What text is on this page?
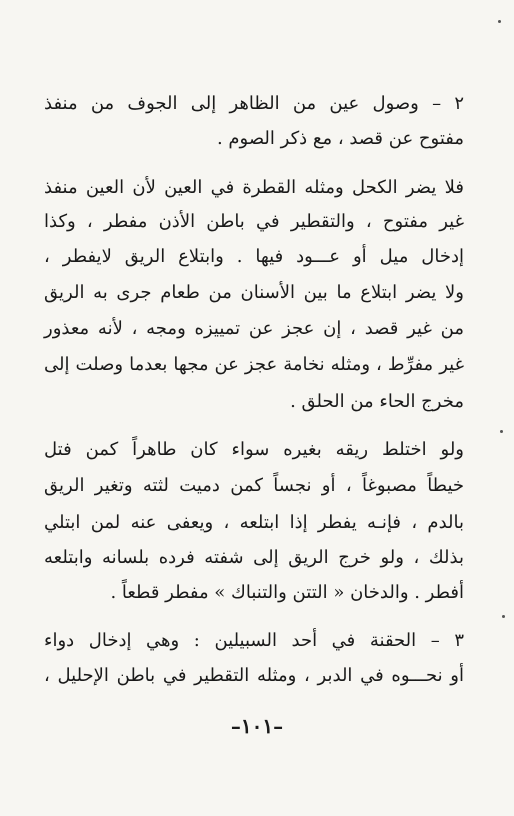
٢ – وصول عين من الظاهر إلى الجوف من منفذ
مفتوح عن قصد ، مع ذكر الصوم .
فلا يضر الكحل ومثله القطرة في العين لأن العين منفذ
غير مفتوح ، والتقطير في باطن الأذن مفطر ، وكذا
إدخال ميل أو عـــود فيها . وابتلاع الريق لايفطر ،
ولا يضر ابتلاع ما بين الأسنان من طعام جرى به الريق
من غير قصد ، إن عجز عن تمييزه ومجه ، لأنه معذور
غير مفرِّط ، ومثله نخامة عجز عن مجها بعدما وصلت إلى
مخرج الحاء من الحلق .
ولو اختلط ريقه بغيره سواء كان طاهراً كمن فتل
خيطاً مصبوغاً ، أو نجساً كمن دميت لثته وتغير الريق
بالدم ، فإنـه يفطر إذا ابتلعه ، ويعفى عنه لمن ابتلي
بذلك ، ولو خرج الريق إلى شفته فرده بلسانه وابتلعه
أفطر . والدخان « التتن والتنباك » مفطر قطعاً .
٣ – الحقنة في أحد السبيلين : وهي إدخال دواء
أو نحـــوه في الدبر ، ومثله التقطير في باطن الإحليل ،
–١٠١–
